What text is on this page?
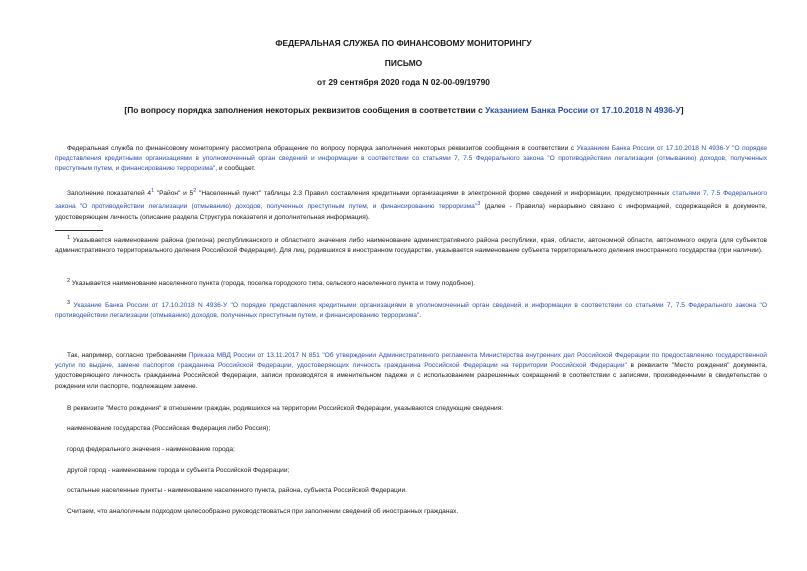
ФЕДЕРАЛЬНАЯ СЛУЖБА ПО ФИНАНСОВОМУ МОНИТОРИНГУ
ПИСЬМО
от 29 сентября 2020 года N 02-00-09/19790
[По вопросу порядка заполнения некоторых реквизитов сообщения в соответствии с Указанием Банка России от 17.10.2018 N 4936-У]

Федеральная служба по финансовому мониторингу рассмотрела обращение по вопросу порядка заполнения некоторых реквизитов сообщения в соответствии с Указанием Банка России от 17.10.2018 N 4936-У "О порядке представления кредитными организациями в уполномоченный орган сведений и информации в соответствии со статьями 7, 7.5 Федерального закона "О противодействии легализации (отмыванию) доходов, полученных преступным путем, и финансированию терроризма", и сообщает.

Заполнение показателей $4^1$ "Район" и $5^2$ "Населенный пункт" таблицы 2.3 Правил составления кредитными организациями в электронной форме сведений и информации, предусмотренных статьями 7, 7.5 Федерального закона "О противодействии легализации (отмыванию) доходов, полученных преступным путем, и финансированию терроризма"$^3$ (далее - Правила) неразрывно связано с информацией, содержащейся в документе, удостоверяющем личность (описание раздела Структура показателя и дополнительная информация).

$^1$ Указывается наименование района (региона) республиканского и областного значения либо наименование административного района республики, края, области, автономной области, автономного округа (для субъектов административного территориального деления Российской Федерации). Для лиц, родившихся в иностранном государстве, указывается наименование субъекта территориального деления иностранного государства (при наличии).

$^2$ Указывается наименование населенного пункта (города, поселка городского типа, сельского населенного пункта и тому подобное).

$^3$ Указание Банка России от 17.10.2018 N 4936-У "О порядке представления кредитными организациями в уполномоченный орган сведений и информации в соответствии со статьями 7, 7.5 Федерального закона "О противодействии легализации (отмыванию) доходов, полученных преступным путем, и финансированию терроризма".

Так, например, согласно требованиям Приказа МВД России от 13.11.2017 N 851 "Об утверждении Административного регламента Министерства внутренних дел Российской Федерации по предоставлению государственной услуги по выдаче, замене паспортов гражданина Российской Федерации, удостоверяющих личность гражданина Российской Федерации на территории Российской Федерации" в реквизите "Место рождения" документа, удостоверяющего личность гражданина Российской Федерации, записи производятся в именительном падеже и с использованием разрешенных сокращений в соответствии с записями, произведенными в свидетельстве о рождении или паспорте, подлежащем замене.

В реквизите "Место рождения" в отношении граждан, родившихся на территории Российской Федерации, указываются следующие сведения:

наименование государства (Российская Федерация либо Россия);

город федерального значения - наименование города;

другой город - наименование города и субъекта Российской Федерации;

остальные населенные пункты - наименование населенного пункта, района, субъекта Российской Федерации.

Считаем, что аналогичным подходом целесообразно руководствоваться при заполнении сведений об иностранных гражданах.
